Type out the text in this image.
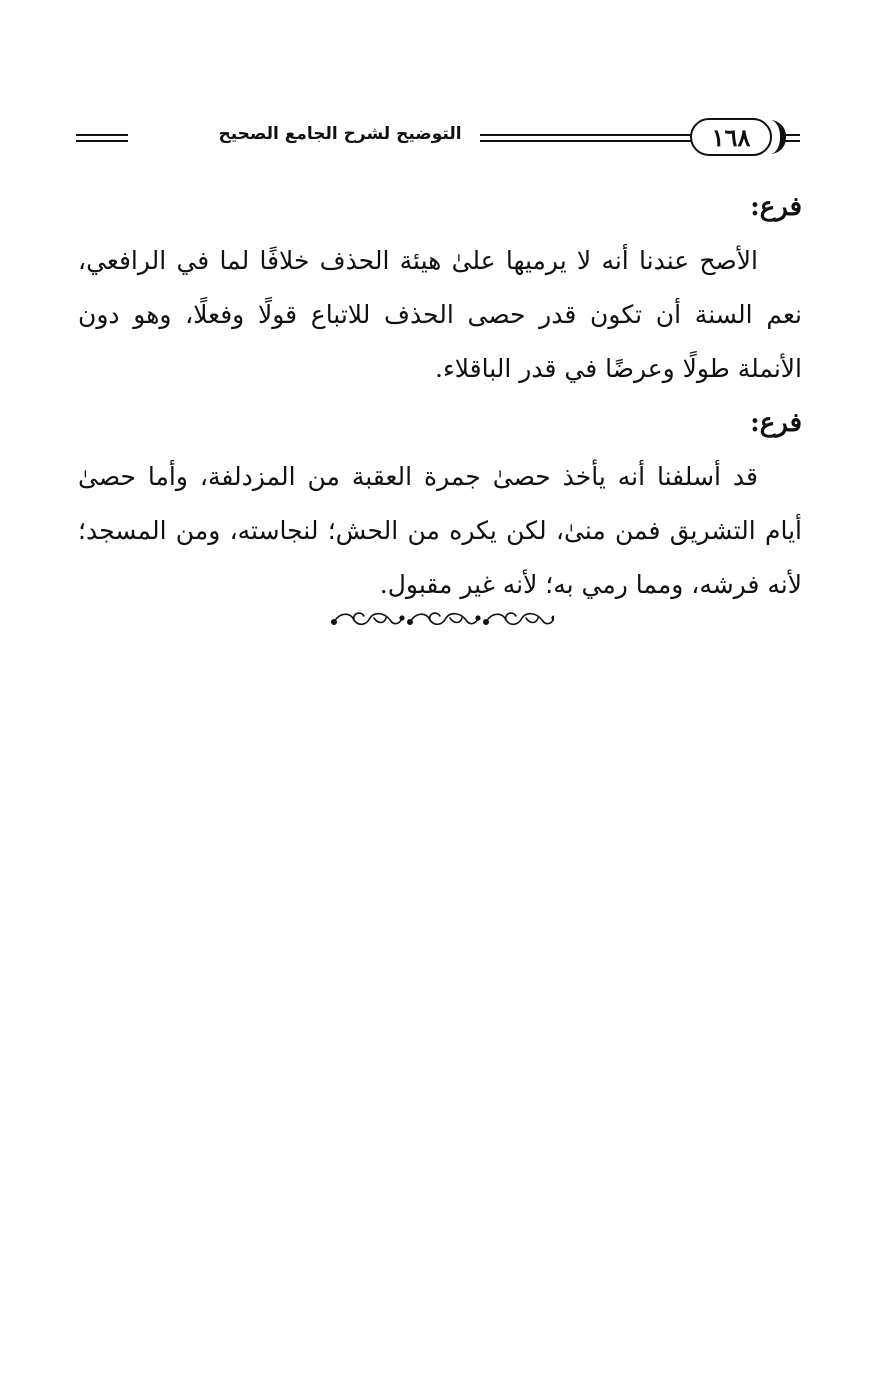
التوضيح لشرح الجامع الصحيح	١٦٨

فرع:

الأصح عندنا أنه لا يرميها علىٰ هيئة الحذف خلافًا لما في الرافعي، نعم السنة أن تكون قدر حصى الحذف للاتباع قولًا وفعلًا، وهو دون الأنملة طولًا وعرضًا في قدر الباقلاء.

فرع:

قد أسلفنا أنه يأخذ حصىٰ جمرة العقبة من المزدلفة، وأما حصىٰ أيام التشريق فمن منىٰ، لكن يكره من الحش؛ لنجاسته، ومن المسجد؛ لأنه فرشه، ومما رمي به؛ لأنه غير مقبول.
